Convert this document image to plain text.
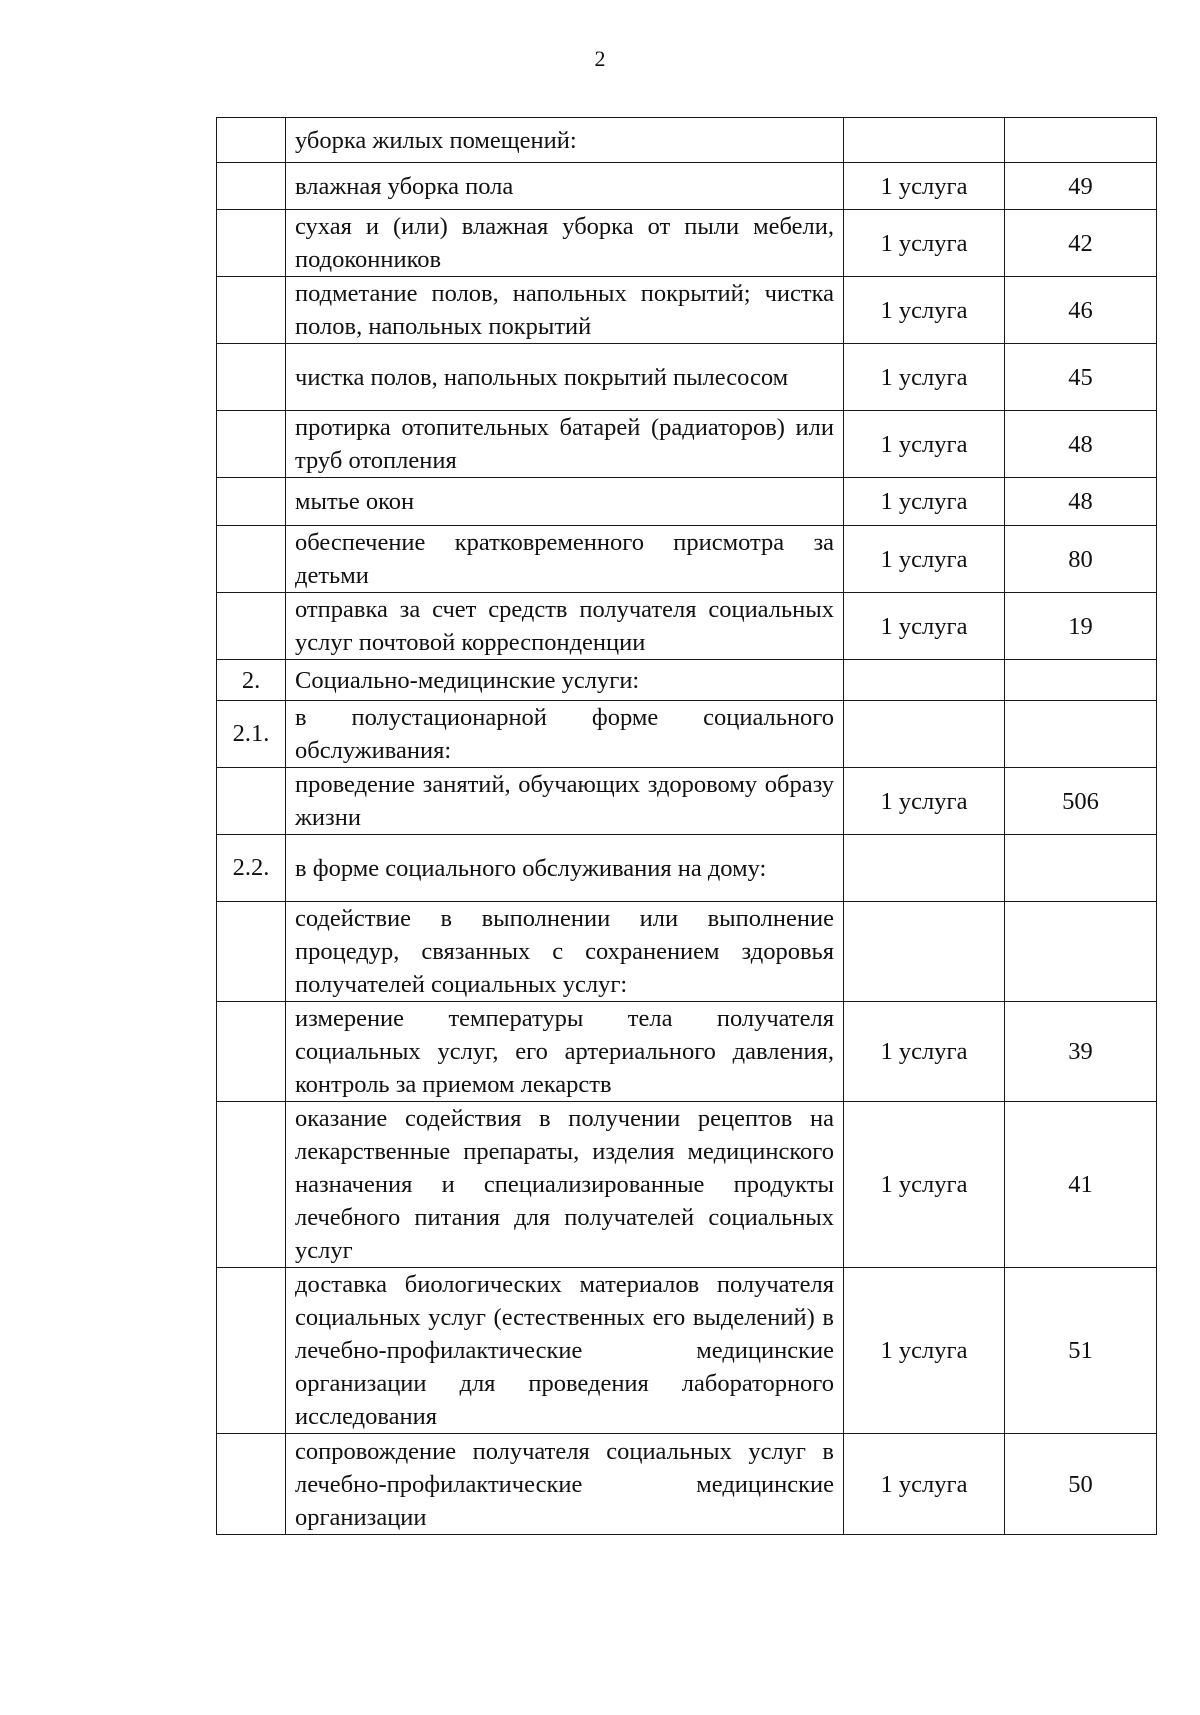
2
	уборка жилых помещений:		
	влажная уборка пола	1 услуга	49
	сухая и (или) влажная уборка от пыли мебели, подоконников	1 услуга	42
	подметание полов, напольных покрытий; чистка полов, напольных покрытий	1 услуга	46
	чистка полов, напольных покрытий пылесосом	1 услуга	45
	протирка отопительных батарей (радиаторов) или труб отопления	1 услуга	48
	мытье окон	1 услуга	48
	обеспечение кратковременного присмотра за детьми	1 услуга	80
	отправка за счет средств получателя социальных услуг почтовой корреспонденции	1 услуга	19
2.	Социально-медицинские услуги:		
2.1.	в полустационарной форме социального обслуживания:		
	проведение занятий, обучающих здоровому образу жизни	1 услуга	506
2.2.	в форме социального обслуживания на дому:		
	содействие в выполнении или выполнение процедур, связанных с сохранением здоровья получателей социальных услуг:		
	измерение температуры тела получателя социальных услуг, его артериального давления, контроль за приемом лекарств	1 услуга	39
	оказание содействия в получении рецептов на лекарственные препараты, изделия медицинского назначения и специализированные продукты лечебного питания для получателей социальных услуг	1 услуга	41
	доставка биологических материалов получателя социальных услуг (естественных его выделений) в лечебно-профилактические медицинские организации для проведения лабораторного исследования	1 услуга	51
	сопровождение получателя социальных услуг в лечебно-профилактические медицинские организации	1 услуга	50
